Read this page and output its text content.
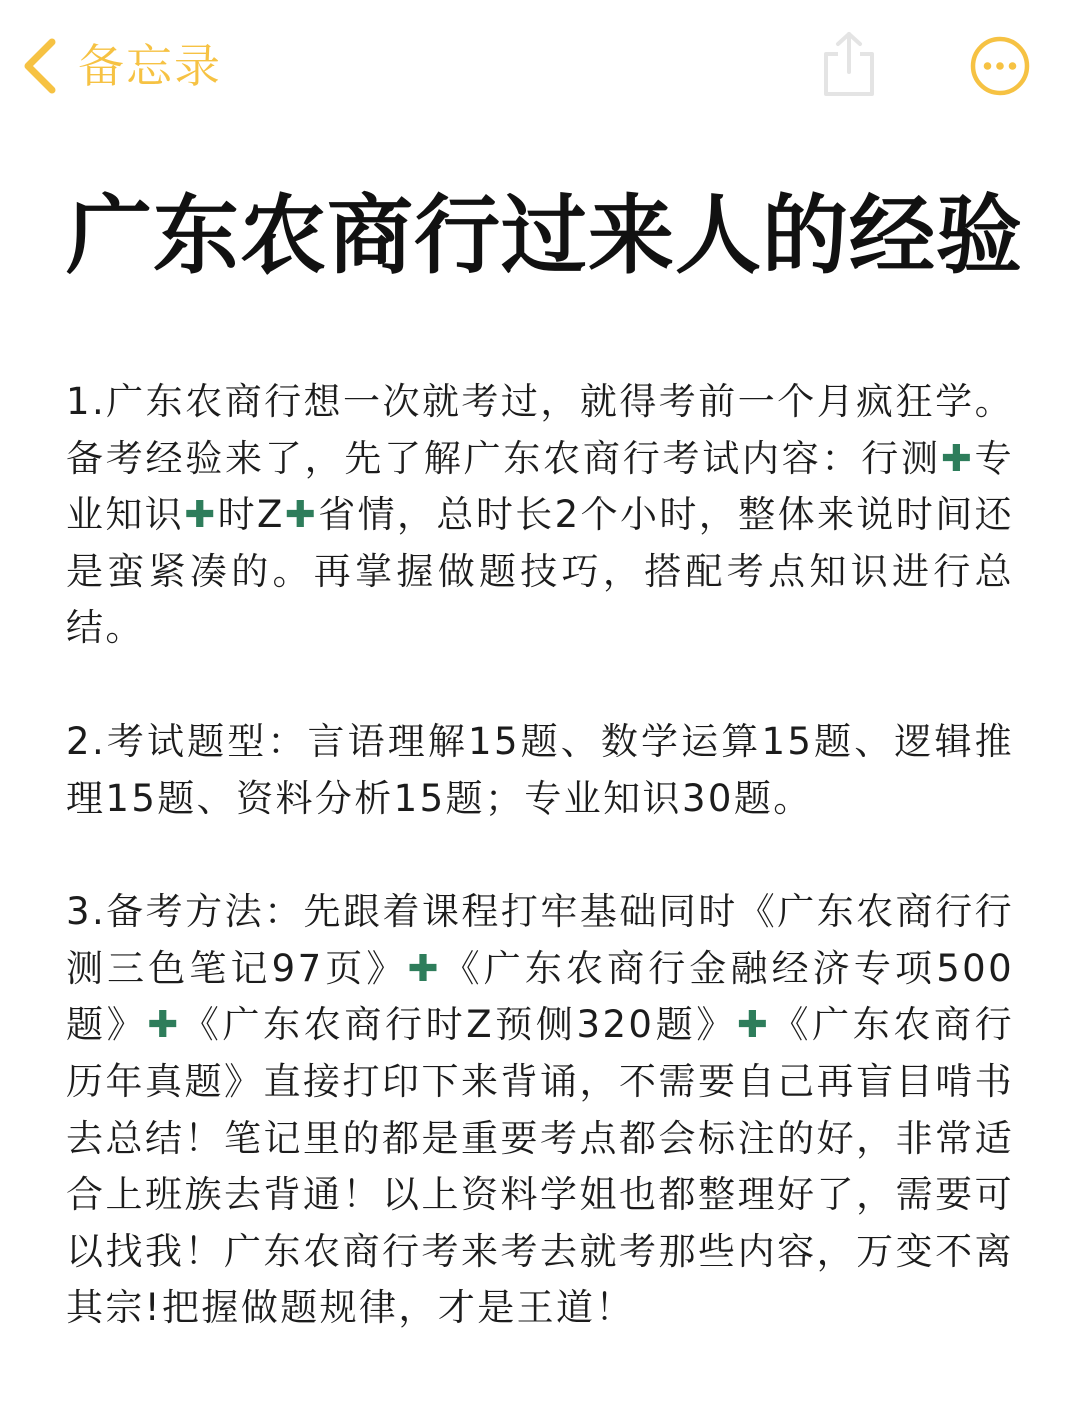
备忘录
广东农商行过来人的经验

1.广东农商行想一次就考过，就得考前一个月疯狂学。备考经验来了，先了解广东农商行考试内容：行测✚专业知识✚时Z✚省情，总时长2个小时，整体来说时间还是蛮紧凑的。再掌握做题技巧，搭配考点知识进行总结。

2.考试题型：言语理解15题、数学运算15题、逻辑推理15题、资料分析15题；专业知识30题。

3.备考方法：先跟着课程打牢基础同时《广东农商行行测三色笔记97页》✚《广东农商行金融经济专项500题》✚《广东农商行时Z预侧320题》✚《广东农商行历年真题》直接打印下来背诵，不需要自己再盲目啃书去总结！笔记里的都是重要考点都会标注的好，非常适合上班族去背通！以上资料学姐也都整理好了，需要可以找我！广东农商行考来考去就考那些内容，万变不离其宗!把握做题规律，才是王道！
